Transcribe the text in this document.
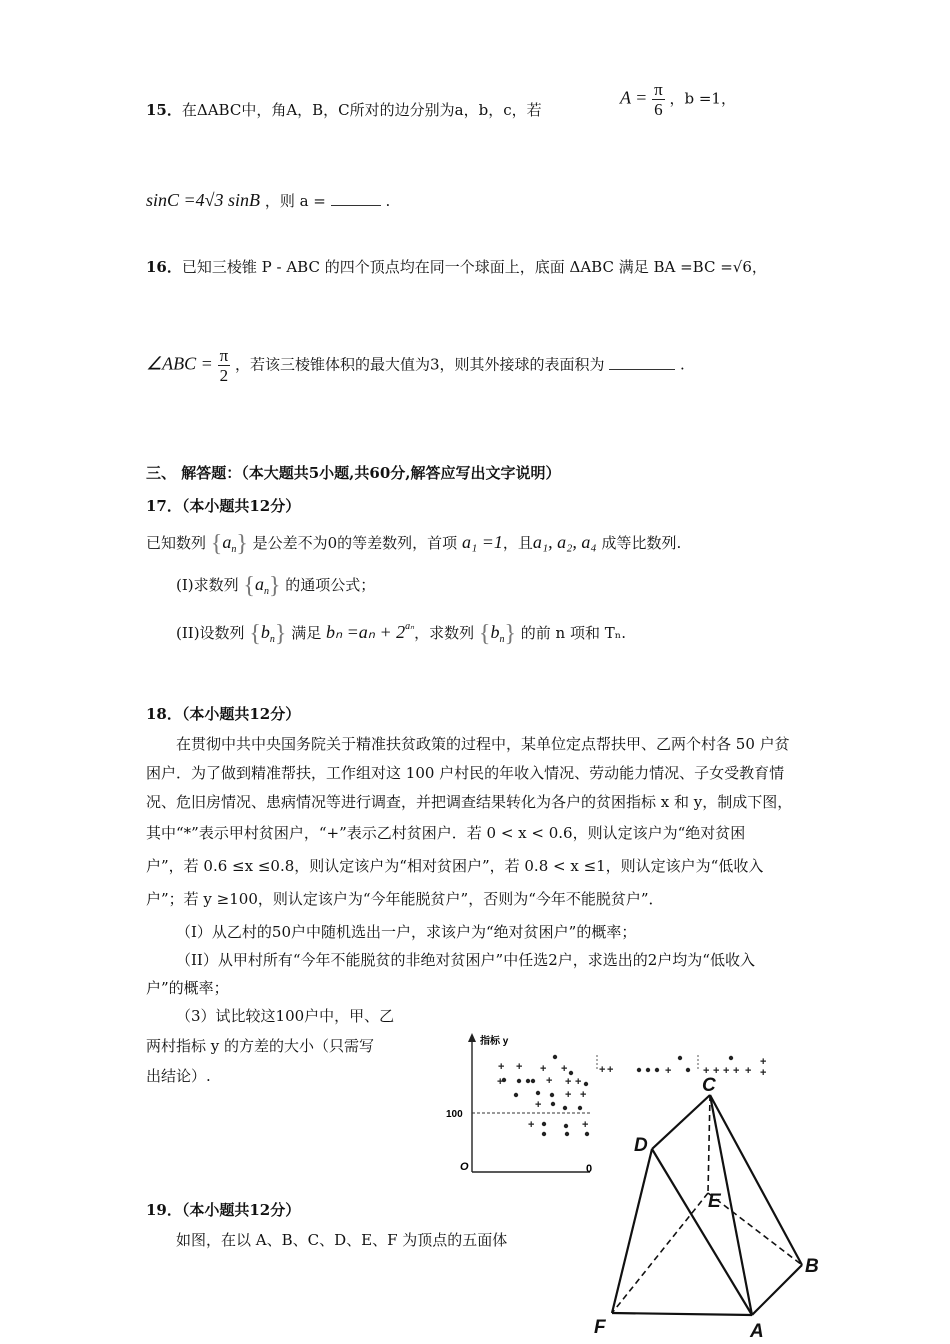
15．在ΔABC中，角A，B，C所对的边分别为a，b，c，若
$A = \frac{\pi}{6}$ ，b =1，
sinC =4√3 sinB ，则 a =	.
16．已知三棱锥 P - ABC 的四个顶点均在同一个球面上，底面 ΔABC 满足 BA =BC =√6，
∠ABC = $\frac{\pi}{2}$ ，若该三棱锥体积的最大值为3，则其外接球的表面积为	.
三、 解答题：（本大题共5小题,共60分,解答应写出文字说明）
17．（本小题共12分）
已知数列 $\{a_n\}$ 是公差不为0的等差数列，首项 a₁ =1，且a₁, a₂, a₄ 成等比数列.
(I)求数列 $\{a_n\}$ 的通项公式；
(II)设数列 $\{b_n\}$ 满足 $b_n =a_n + 2^{a_n}$，求数列 $\{b_n\}$ 的前 n 项和 Tₙ.
18．（本小题共12分）
在贯彻中共中央国务院关于精准扶贫政策的过程中，某单位定点帮扶甲、乙两个村各 50 户贫
困户．为了做到精准帮扶，工作组对这 100 户村民的年收入情况、劳动能力情况、子女受教育情
况、危旧房情况、患病情况等进行调查，并把调查结果转化为各户的贫困指标 x 和 y，制成下图，
其中“*”表示甲村贫困户，“+”表示乙村贫困户．若 0 < x < 0.6，则认定该户为“绝对贫困
户”，若 0.6 ≤x ≤0.8，则认定该户为“相对贫困户”，若 0.8 < x ≤1，则认定该户为“低收入
户”；若 y ≥100，则认定该户为“今年能脱贫户”，否则为“今年不能脱贫户”．
（I）从乙村的50户中随机选出一户，求该户为“绝对贫困户”的概率；
（II）从甲村所有“今年不能脱贫的非绝对贫困户”中任选2户，求选出的2户均为“低收入
户”的概率；
（3）试比较这100户中，甲、乙
两村指标 y 的方差的大小（只需写
出结论）.
指标 y
100
O	0
+ + + +
+	+ + +
+ +
+
+	+
+ +	+	+ + + + +
+
+
19．（本小题共12分）
如图，在以 A、B、C、D、E、F 为顶点的五面体
C
D
E
B
F	A
